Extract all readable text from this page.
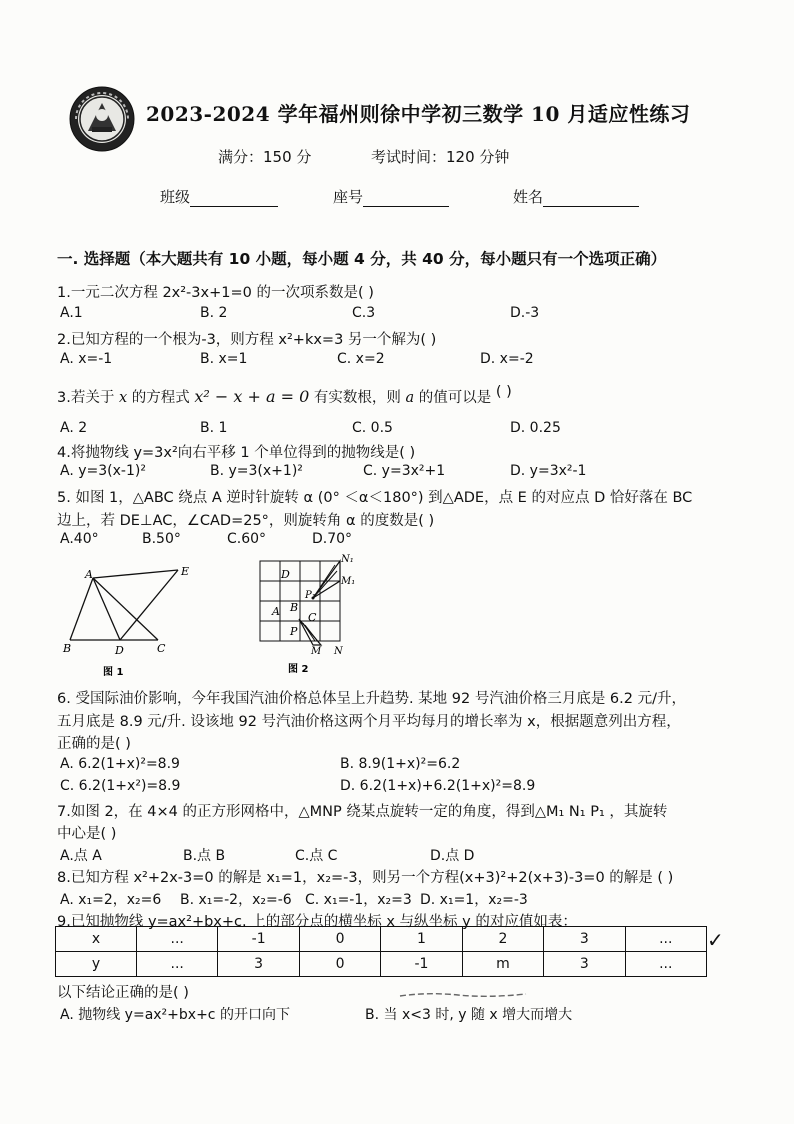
2023-2024 学年福州则徐中学初三数学 10 月适应性练习
满分：150 分	考试时间：120 分钟
班级	座号	姓名
一. 选择题（本大题共有 10 小题，每小题 4 分，共 40 分，每小题只有一个选项正确）
1.一元二次方程 2x²-3x+1=0 的一次项系数是( )
A.1	B. 2	C.3	D.-3
2.已知方程的一个根为-3，则方程 x²+kx=3 另一个解为( )
A. x=-1	B. x=1	C. x=2	D. x=-2
3.若关于 x 的方程式 x² − x + a = 0 有实数根，则 a 的值可以是 ( )
A. 2	B. 1	C. 0.5	D. 0.25
4.将抛物线 y=3x²向右平移 1 个单位得到的抛物线是( )
A. y=3(x-1)²	B. y=3(x+1)²	C. y=3x²+1	D. y=3x²-1
5. 如图 1，△ABC 绕点 A 逆时针旋转 α (0° ＜α＜180°) 到△ADE，点 E 的对应点 D 恰好落在 BC
边上，若 DE⊥AC，∠CAD=25°，则旋转角 α 的度数是( )
A.40°	B.50°	C.60°	D.70°
A	E
B	D	C
图 1
N₁
M₁
D
P₁
A B
C
P
M N
图 2
6. 受国际油价影响，今年我国汽油价格总体呈上升趋势. 某地 92 号汽油价格三月底是 6.2 元/升，
五月底是 8.9 元/升. 设该地 92 号汽油价格这两个月平均每月的增长率为 x，根据题意列出方程，
正确的是( )
A. 6.2(1+x)²=8.9	B. 8.9(1+x)²=6.2
C. 6.2(1+x²)=8.9	D. 6.2(1+x)+6.2(1+x)²=8.9
7.如图 2，在 4×4 的正方形网格中，△MNP 绕某点旋转一定的角度，得到△M₁ N₁ P₁ ，其旋转
中心是( )
A.点 A	B.点 B	C.点 C	D.点 D
8.已知方程 x²+2x-3=0 的解是 x₁=1，x₂=-3，则另一个方程(x+3)²+2(x+3)-3=0 的解是 ( )
A. x₁=2，x₂=6 B. x₁=-2，x₂=-6 C. x₁=-1，x₂=3 D. x₁=1，x₂=-3
9.已知抛物线 y=ax²+bx+c. 上的部分点的横坐标 x 与纵坐标 y 的对应值如表：
x	...	-1	0	1	2	3	...
y	...	3	0	-1	m	3	...
✓
以下结论正确的是( )
A. 抛物线 y=ax²+bx+c 的开口向下	B. 当 x<3 时, y 随 x 增大而增大
